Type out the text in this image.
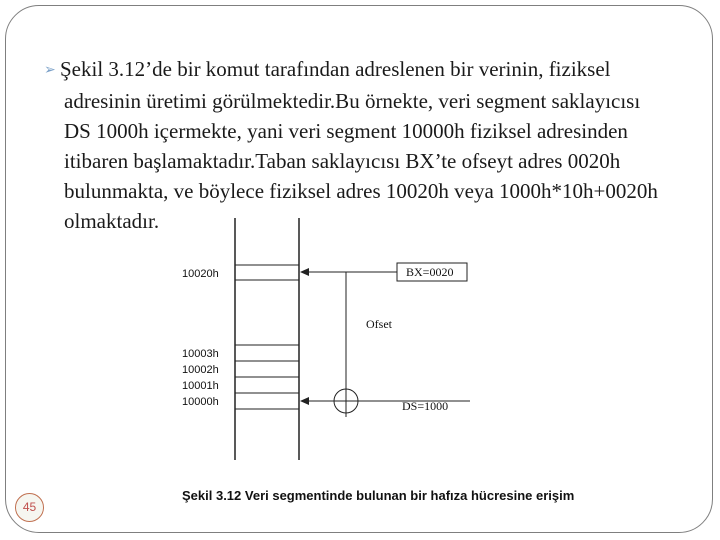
➢ Şekil 3.12’de bir komut tarafından adreslenen bir verinin, fiziksel adresinin üretimi görülmektedir.Bu örnekte, veri segment saklayıcısı DS 1000h içermekte, yani veri segment 10000h fiziksel adresinden itibaren başlamaktadır.Taban saklayıcısı BX’te ofseyt adres 0020h bulunmakta, ve böylece fiziksel adres 10020h veya 1000h*10h+0020h olmaktadır.
10020h
10003h
10002h
10001h
10000h
BX=0020
Ofset
DS=1000
Şekil 3.12 Veri segmentinde bulunan bir hafıza hücresine erişim
45
